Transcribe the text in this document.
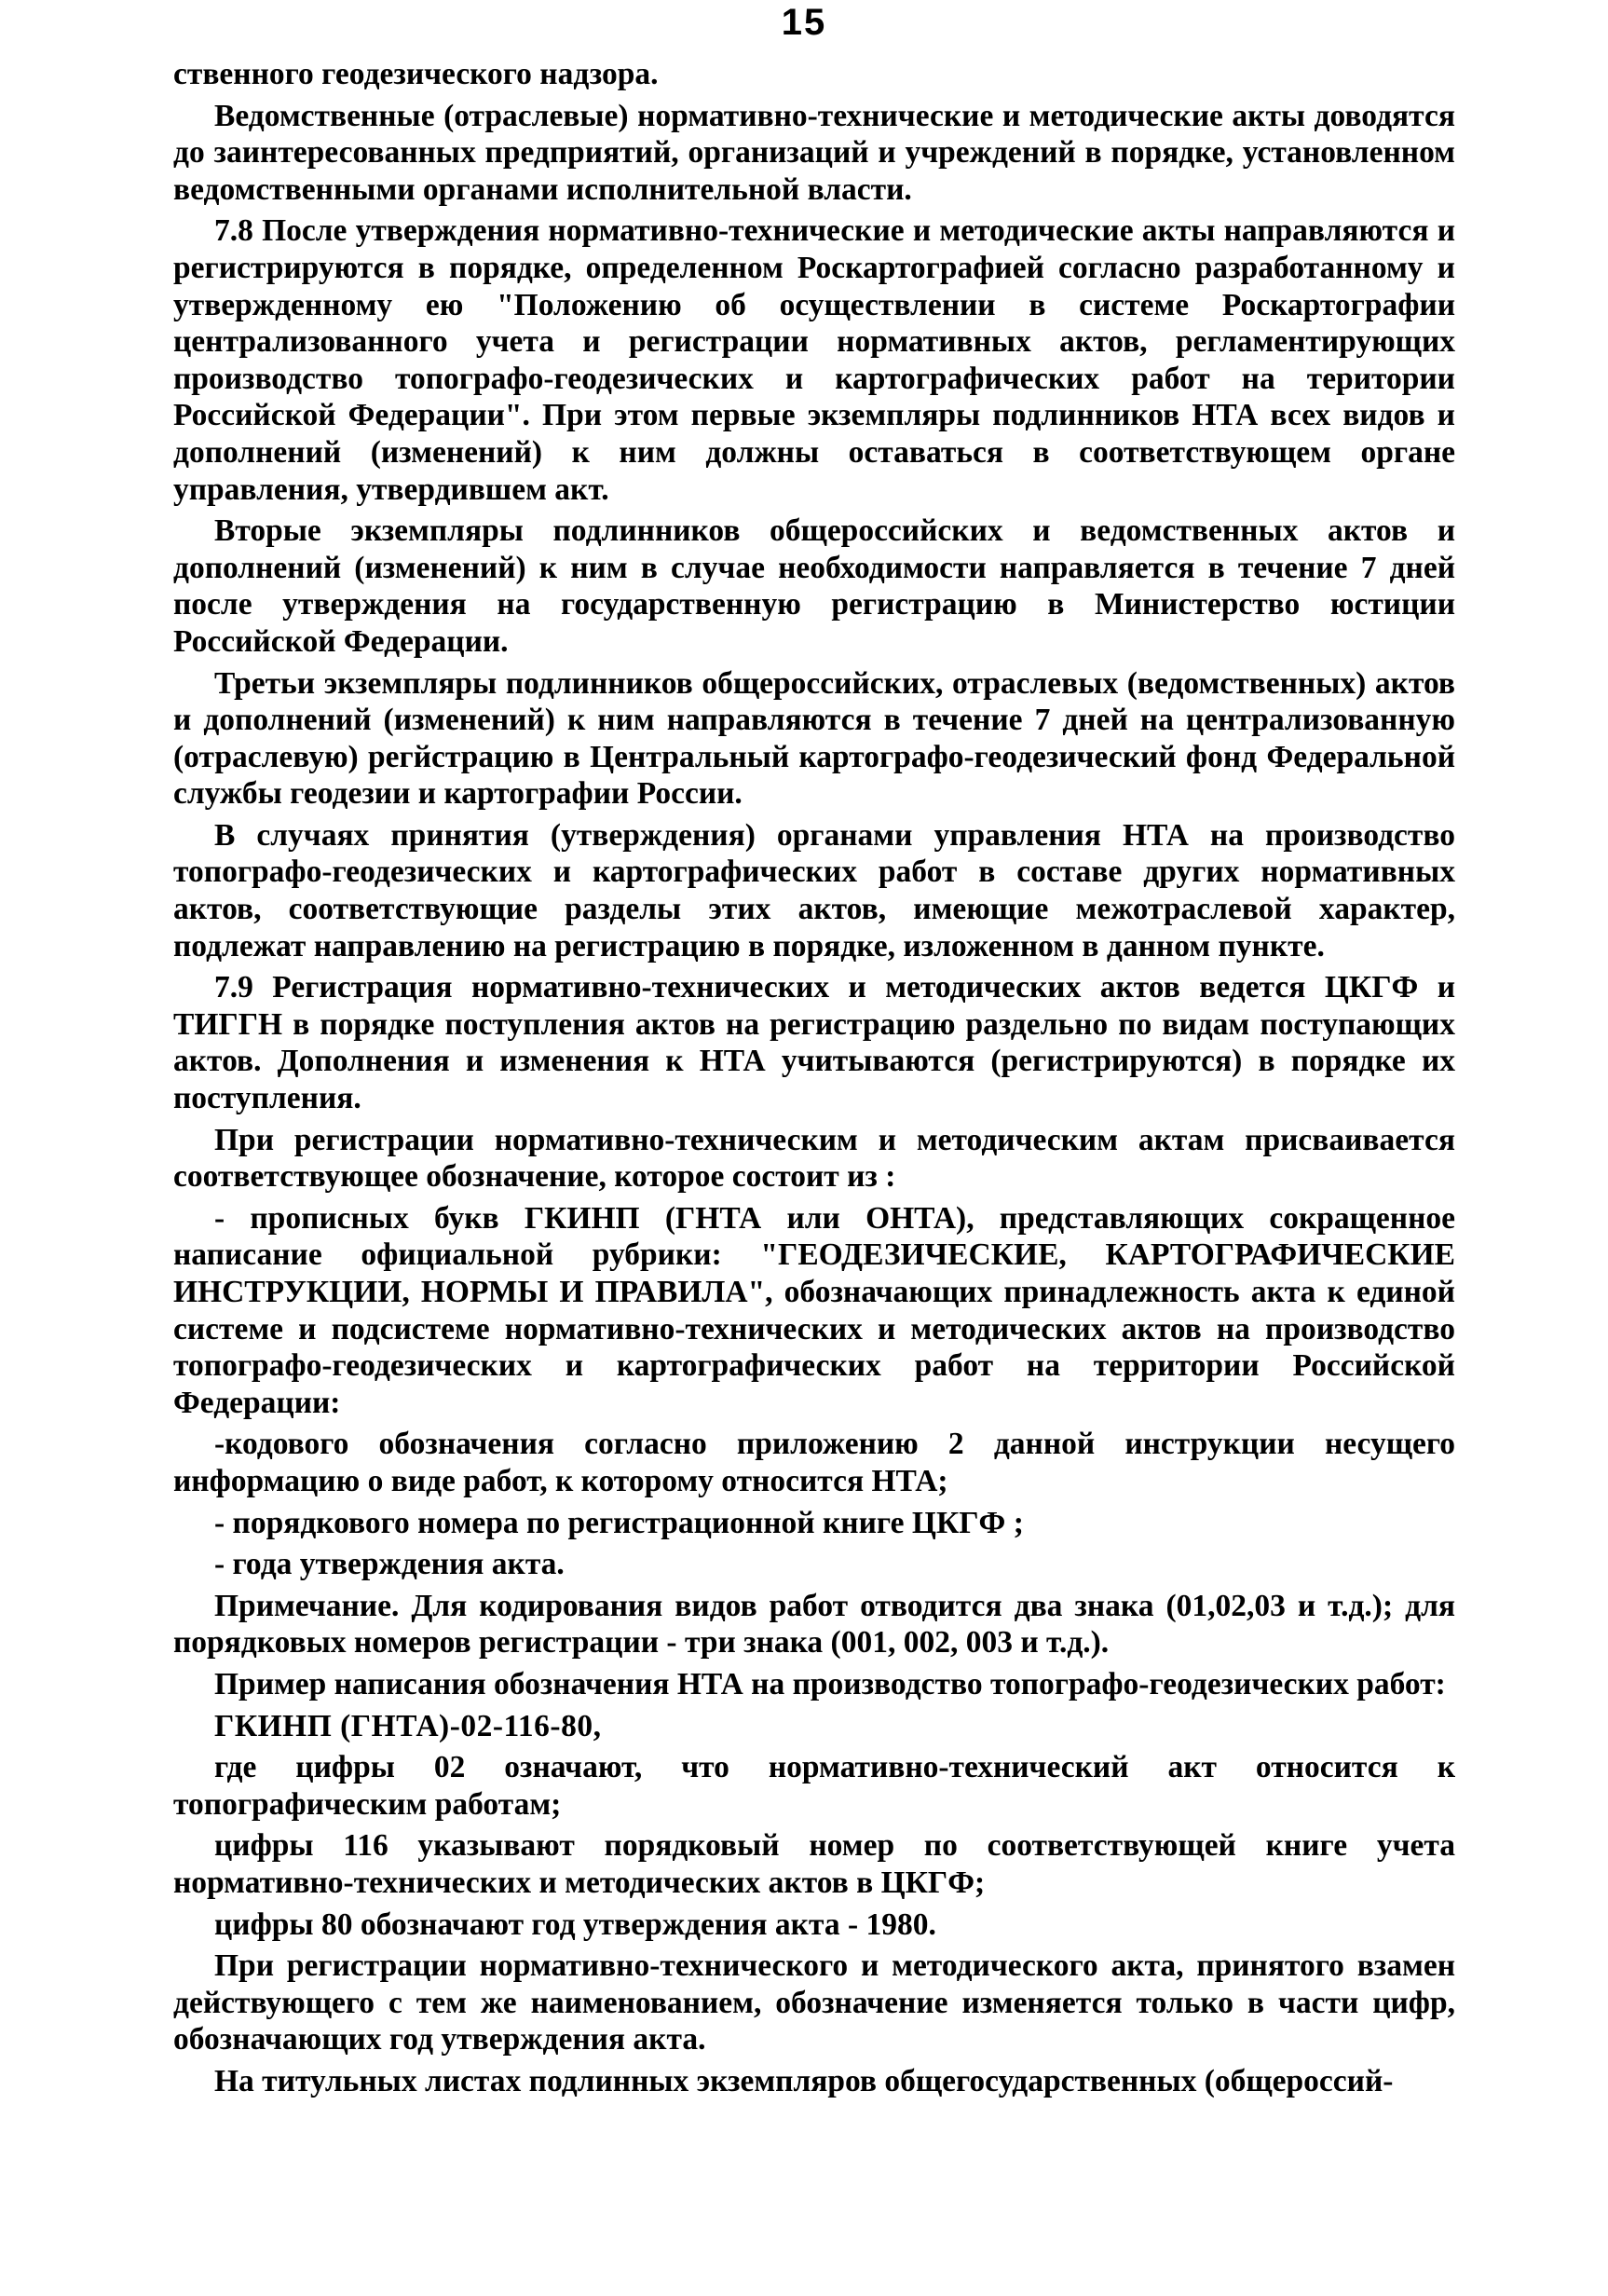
15

ственного геодезического надзора.

Ведомственные (отраслевые) нормативно-технические и методические акты доводятся до заинтересованных предприятий, организаций и учреждений в порядке, установленном ведомственными органами исполнительной власти.

7.8 После утверждения нормативно-технические и методические акты направляются и регистрируются в порядке, определенном Роскартографией согласно разработанному и утвержденному ею "Положению об осуществлении в системе Роскартографии централизованного учета и регистрации нормативных актов, регламентирующих производство топографо-геодезических и картографических работ на територии Российской Федерации". При этом первые экземпляры подлинников НТА всех видов и дополнений (изменений) к ним должны оставаться в соответствующем органе управления, утвердившем акт.

Вторые экземпляры подлинников общероссийских и ведомственных актов и дополнений (изменений) к ним в случае необходимости направляется в течение 7 дней после утверждения на государственную регистрацию в Министерство юстиции Российской Федерации.

Третьи экземпляры подлинников общероссийских, отраслевых (ведомственных) актов и дополнений (изменений) к ним направляются в течение 7 дней на централизованную (отраслевую) регйстрацию в Центральный картографо-геодезический фонд Федеральной службы геодезии и картографии России.

В случаях принятия (утверждения) органами управления НТА на производство топографо-геодезических и картографических работ в составе других нормативных актов, соответствующие разделы этих актов, имеющие межотраслевой характер, подлежат направлению на регистрацию в порядке, изложенном в данном пункте.

7.9 Регистрация нормативно-технических и методических актов ведется ЦКГФ и ТИГГН в порядке поступления актов на регистрацию раздельно по видам поступающих актов. Дополнения и изменения к НТА учитываются (регистрируются) в порядке их поступления.

При регистрации нормативно-техническим и методическим актам присваивается соответствующее обозначение, которое состоит из :

- прописных букв ГКИНП (ГНТА или ОНТА), представляющих сокращенное написание официальной рубрики: "ГЕОДЕЗИЧЕСКИЕ, КАРТОГРАФИЧЕСКИЕ ИНСТРУКЦИИ, НОРМЫ И ПРАВИЛА", обозначающих принадлежность акта к единой системе и подсистеме нормативно-технических и методических актов на производство топографо-геодезических и картографических работ на территории Российской Федерации:

-кодового обозначения согласно приложению 2 данной инструкции несущего информацию о виде работ, к которому относится НТА;

- порядкового номера по регистрационной книге ЦКГФ ;

- года утверждения акта.

Примечание. Для кодирования видов работ отводится два знака (01,02,03 и т.д.); для порядковых номеров регистрации - три знака (001, 002, 003 и т.д.).

Пример написания обозначения НТА на производство топографо-геодезических работ:

ГКИНП (ГНТА)-02-116-80,

где цифры 02 означают, что нормативно-технический акт относится к топографическим работам;

цифры 116 указывают порядковый номер по соответствующей книге учета нормативно-технических и методических актов в ЦКГФ;

цифры 80 обозначают год утверждения акта - 1980.

При регистрации нормативно-технического и методического акта, принятого взамен действующего с тем же наименованием, обозначение изменяется только в части цифр, обозначающих год утверждения акта.

На титульных листах подлинных экземпляров общегосударственных (общероссий-
